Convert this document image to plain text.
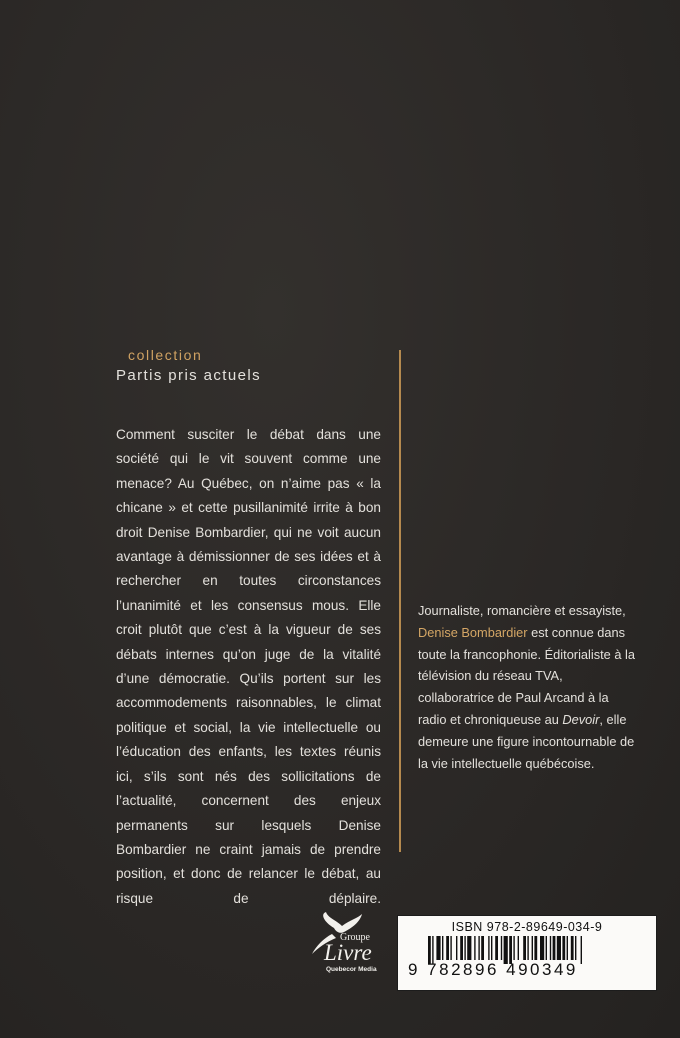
collection
Partis pris actuels

Comment susciter le débat dans une société qui le vit souvent comme une menace? Au Québec, on n’aime pas « la chicane » et cette pusillanimité irrite à bon droit Denise Bombardier, qui ne voit aucun avantage à démissionner de ses idées et à rechercher en toutes circonstances l’unanimité et les consensus mous. Elle croit plutôt que c’est à la vigueur de ses débats internes qu’on juge de la vitalité d’une démocratie. Qu’ils portent sur les accommodements raisonnables, le climat politique et social, la vie intellectuelle ou l’éducation des enfants, les textes réunis ici, s’ils sont nés des sollicitations de l’actualité, concernent des enjeux permanents sur lesquels Denise Bombardier ne craint jamais de prendre position, et donc de relancer le débat, au risque de déplaire.

Journaliste, romancière et essayiste, Denise Bombardier est connue dans toute la francophonie. Éditorialiste à la télévision du réseau TVA, collaboratrice de Paul Arcand à la radio et chroniqueuse au Devoir, elle demeure une figure incontournable de la vie intellectuelle québécoise.
Groupe
Livre
Quebecor Media
ISBN 978-2-89649-034-9
9 782896 490349
